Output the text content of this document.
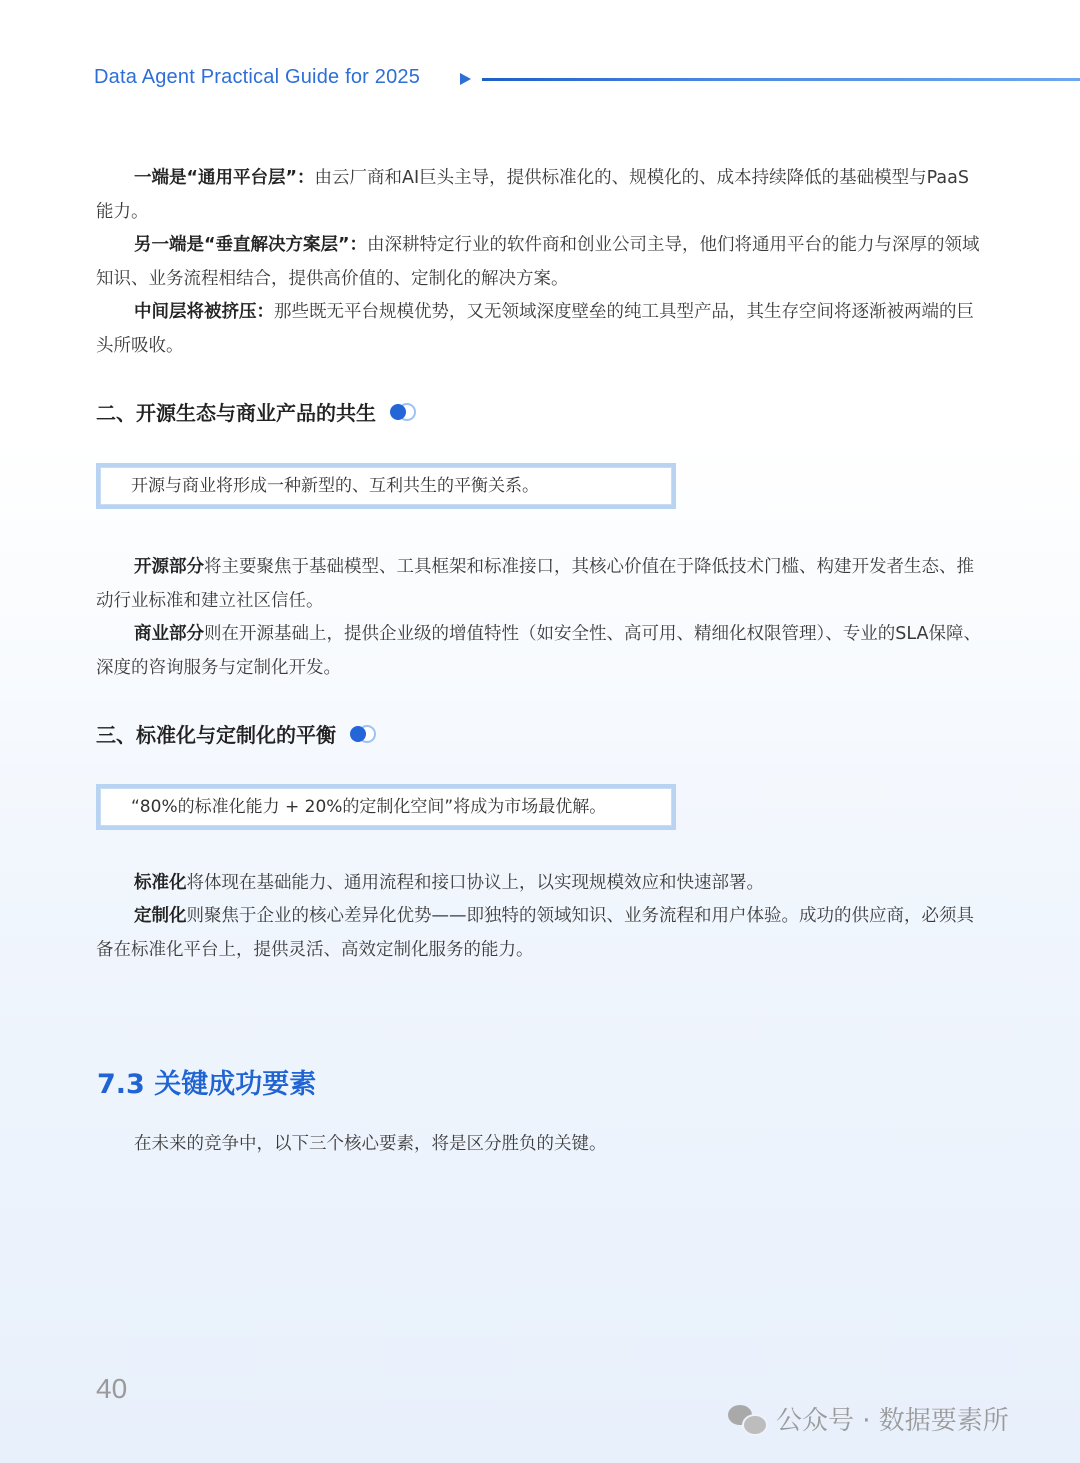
Data Agent Practical Guide for 2025
一端是“通用平台层”：由云厂商和AI巨头主导，提供标准化的、规模化的、成本持续降低的基础模型与PaaS能力。
另一端是“垂直解决方案层”：由深耕特定行业的软件商和创业公司主导，他们将通用平台的能力与深厚的领域知识、业务流程相结合，提供高价值的、定制化的解决方案。
中间层将被挤压：那些既无平台规模优势，又无领域深度壁垒的纯工具型产品，其生存空间将逐渐被两端的巨头所吸收。
二、开源生态与商业产品的共生
开源与商业将形成一种新型的、互利共生的平衡关系。
开源部分将主要聚焦于基础模型、工具框架和标准接口，其核心价值在于降低技术门槛、构建开发者生态、推动行业标准和建立社区信任。
商业部分则在开源基础上，提供企业级的增值特性（如安全性、高可用、精细化权限管理）、专业的SLA保障、深度的咨询服务与定制化开发。
三、标准化与定制化的平衡
“80%的标准化能力 + 20%的定制化空间”将成为市场最优解。
标准化将体现在基础能力、通用流程和接口协议上，以实现规模效应和快速部署。
定制化则聚焦于企业的核心差异化优势——即独特的领域知识、业务流程和用户体验。成功的供应商，必须具备在标准化平台上，提供灵活、高效定制化服务的能力。
7.3 关键成功要素
在未来的竞争中，以下三个核心要素，将是区分胜负的关键。
40
公众号 · 数据要素所
